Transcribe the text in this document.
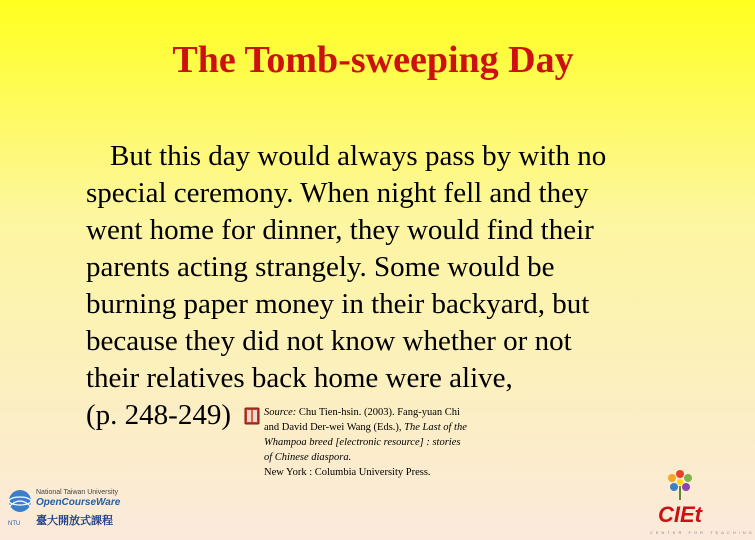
The Tomb-sweeping Day
But this day would always pass by with no
special ceremony. When night fell and they
went home for dinner, they would find their
parents acting strangely. Some would be
burning paper money in their backyard, but
because they did not know whether or not
their relatives back home were alive,
(p. 248-249)	Source: Chu Tien-hsin. (2003). Fang-yuan Chi
and David Der-wei Wang (Eds.), The Last of the
Whampoa breed [electronic resource] : stories
of Chinese diaspora.
New York : Columbia University Press.
NTU
National Taiwan University
OpenCourseWare
臺大開放式課程	CIEt
CENTER FOR TEACHING
